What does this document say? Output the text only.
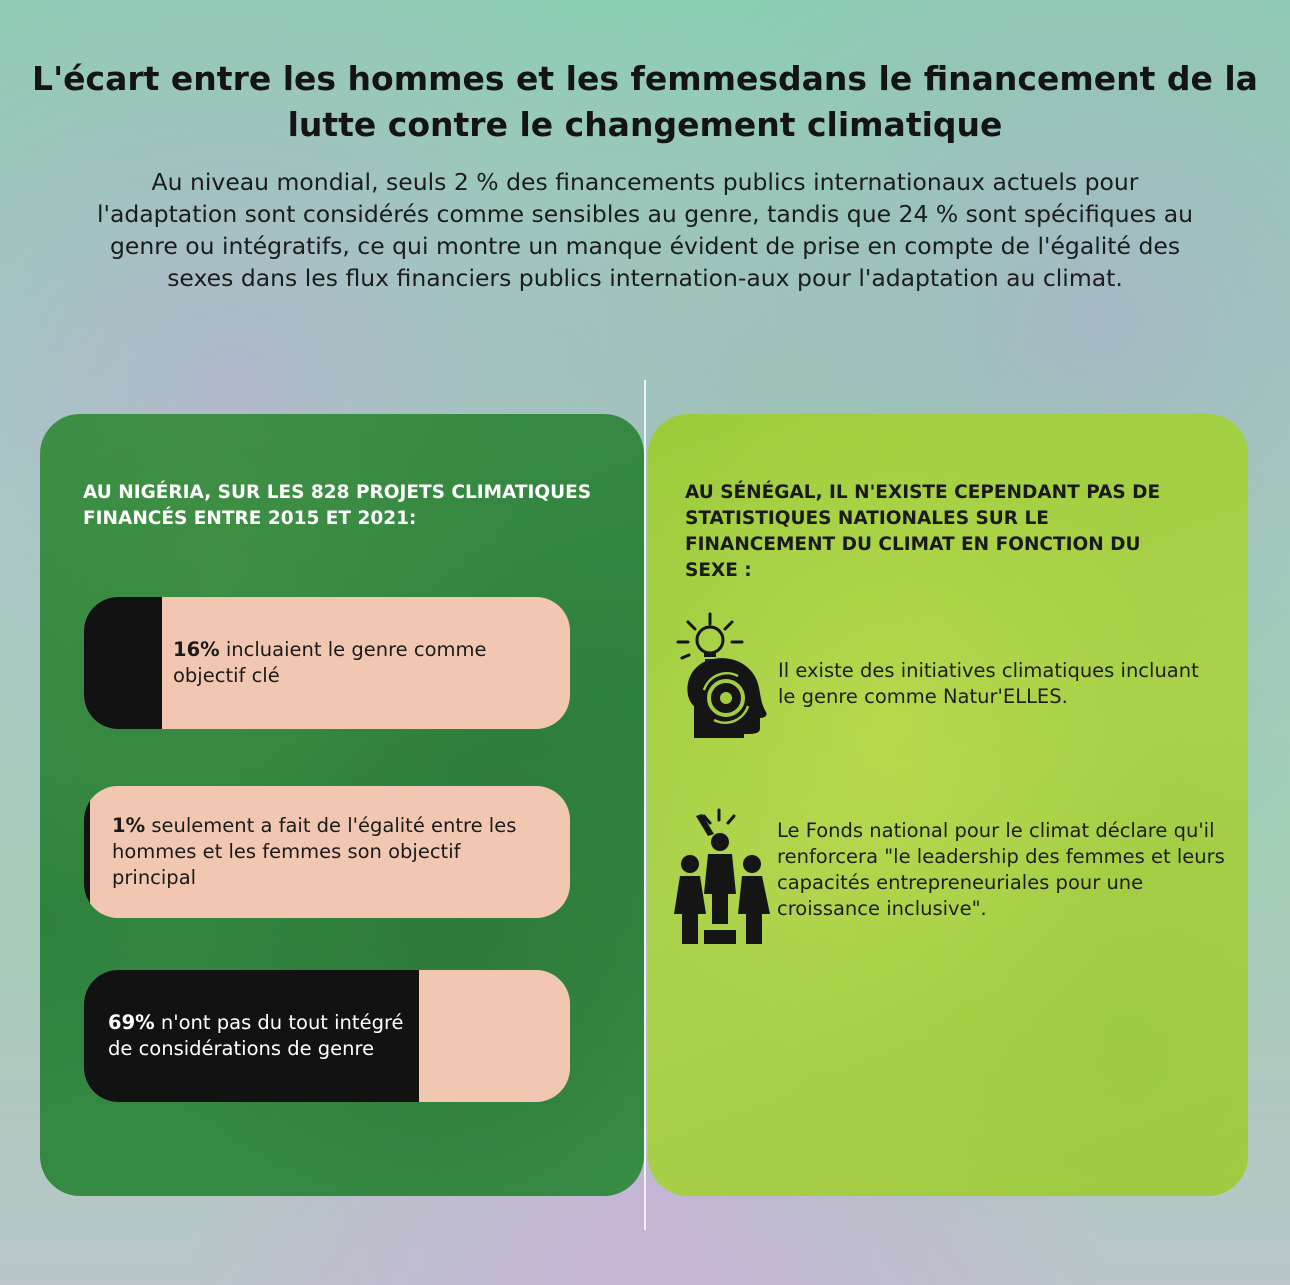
L'écart entre les hommes et les femmesdans le financement de la lutte contre le changement climatique

Au niveau mondial, seuls 2 % des financements publics internationaux actuels pour l'adaptation sont considérés comme sensibles au genre, tandis que 24 % sont spécifiques au genre ou intégratifs, ce qui montre un manque évident de prise en compte de l'égalité des sexes dans les flux financiers publics internation-aux pour l'adaptation au climat.

AU NIGÉRIA, SUR LES 828 PROJETS CLIMATIQUES FINANCÉS ENTRE 2015 ET 2021:

16% incluaient le genre comme objectif clé

1% seulement a fait de l'égalité entre les hommes et les femmes son objectif principal

69% n'ont pas du tout intégré de considérations de genre

AU SÉNÉGAL, IL N'EXISTE CEPENDANT PAS DE STATISTIQUES NATIONALES SUR LE FINANCEMENT DU CLIMAT EN FONCTION DU SEXE :

Il existe des initiatives climatiques incluant le genre comme Natur'ELLES.

Le Fonds national pour le climat déclare qu'il renforcera "le leadership des femmes et leurs capacités entrepreneuriales pour une croissance inclusive".
